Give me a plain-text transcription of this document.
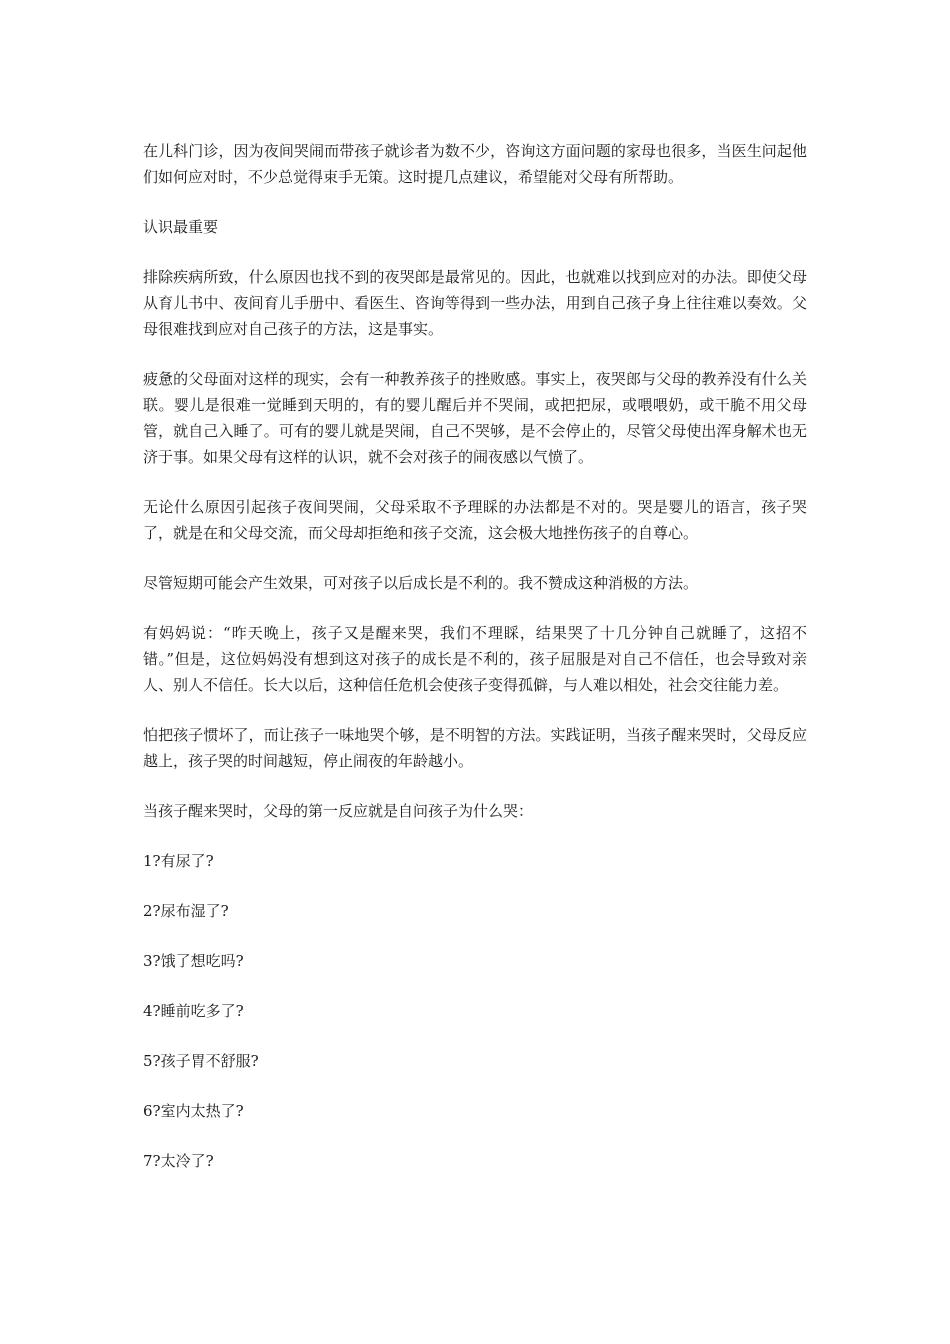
在儿科门诊，因为夜间哭闹而带孩子就诊者为数不少，咨询这方面问题的家母也很多，当医生问起他们如何应对时，不少总觉得束手无策。这时提几点建议，希望能对父母有所帮助。

认识最重要

排除疾病所致，什么原因也找不到的夜哭郎是最常见的。因此，也就难以找到应对的办法。即使父母从育儿书中、夜间育儿手册中、看医生、咨询等得到一些办法，用到自己孩子身上往往难以奏效。父母很难找到应对自己孩子的方法，这是事实。

疲惫的父母面对这样的现实，会有一种教养孩子的挫败感。事实上，夜哭郎与父母的教养没有什么关联。婴儿是很难一觉睡到天明的，有的婴儿醒后并不哭闹，或把把尿，或喂喂奶，或干脆不用父母管，就自己入睡了。可有的婴儿就是哭闹，自己不哭够，是不会停止的，尽管父母使出浑身解术也无济于事。如果父母有这样的认识，就不会对孩子的闹夜感以气愤了。

无论什么原因引起孩子夜间哭闹，父母采取不予理睬的办法都是不对的。哭是婴儿的语言，孩子哭了，就是在和父母交流，而父母却拒绝和孩子交流，这会极大地挫伤孩子的自尊心。

尽管短期可能会产生效果，可对孩子以后成长是不利的。我不赞成这种消极的方法。

有妈妈说：“昨天晚上，孩子又是醒来哭，我们不理睬，结果哭了十几分钟自己就睡了，这招不错。”但是，这位妈妈没有想到这对孩子的成长是不利的，孩子屈服是对自己不信任，也会导致对亲人、别人不信任。长大以后，这种信任危机会使孩子变得孤僻，与人难以相处，社会交往能力差。

怕把孩子惯坏了，而让孩子一味地哭个够，是不明智的方法。实践证明，当孩子醒来哭时，父母反应越上，孩子哭的时间越短，停止闹夜的年龄越小。

当孩子醒来哭时，父母的第一反应就是自问孩子为什么哭：

1?有尿了?

2?尿布湿了?

3?饿了想吃吗?

4?睡前吃多了?

5?孩子胃不舒服?

6?室内太热了?

7?太冷了?
